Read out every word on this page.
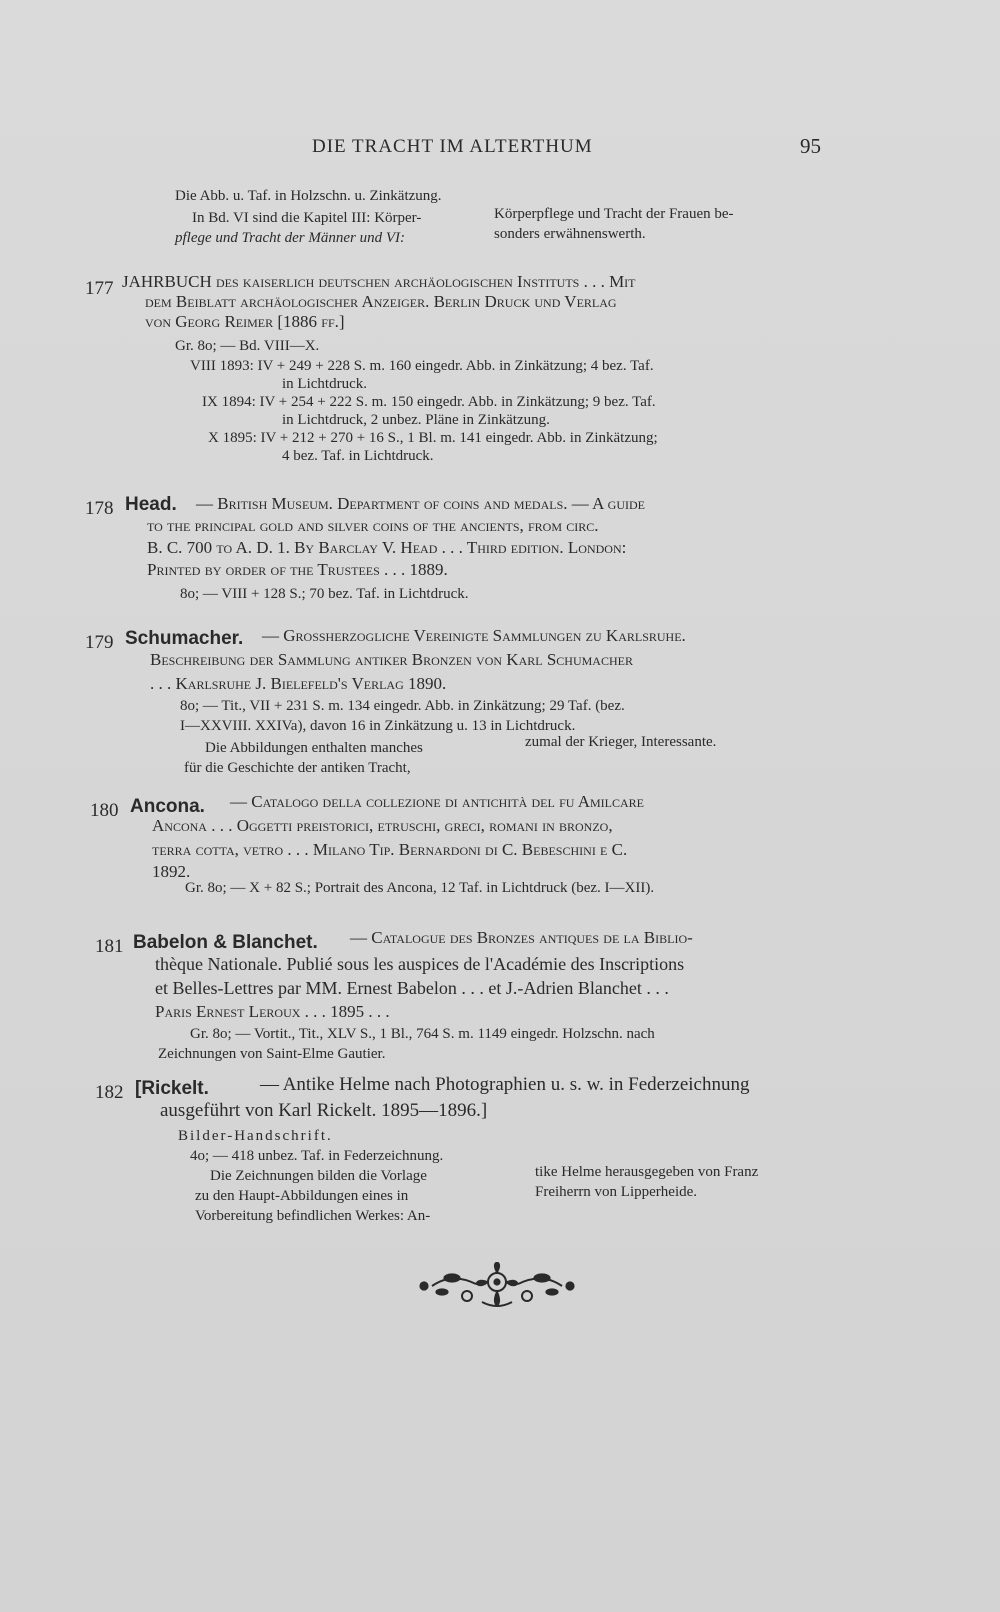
DIE TRACHT IM ALTERTHUM	95
Die Abb. u. Taf. in Holzschn. u. Zinkätzung.
In Bd. VI sind die Kapitel III: Körper-
pflege und Tracht der Männer und VI:
Körperpflege und Tracht der Frauen be-
sonders erwähnenswerth.
177 JAHRBUCH des kaiserlich deutschen archäologischen Instituts . . . Mit
dem Beiblatt archäologischer Anzeiger. Berlin Druck und Verlag
von Georg Reimer [1886 ff.]
Gr. 8o; — Bd. VIII—X.
VIII 1893: IV + 249 + 228 S. m. 160 eingedr. Abb. in Zinkätzung; 4 bez. Taf.
in Lichtdruck.
IX 1894: IV + 254 + 222 S. m. 150 eingedr. Abb. in Zinkätzung; 9 bez. Taf.
in Lichtdruck, 2 unbez. Pläne in Zinkätzung.
X 1895: IV + 212 + 270 + 16 S., 1 Bl. m. 141 eingedr. Abb. in Zinkätzung;
4 bez. Taf. in Lichtdruck.
178 Head. — British Museum. Department of coins and medals. — A guide
to the principal gold and silver coins of the ancients, from circ.
B. C. 700 to A. D. 1. By Barclay V. Head . . . Third edition. London:
Printed by order of the Trustees . . . 1889.
8o; — VIII + 128 S.; 70 bez. Taf. in Lichtdruck.
179 Schumacher. — Grossherzogliche Vereinigte Sammlungen zu Karlsruhe.
Beschreibung der Sammlung antiker Bronzen von Karl Schumacher
. . . Karlsruhe J. Bielefeld's Verlag 1890.
8o; — Tit., VII + 231 S. m. 134 eingedr. Abb. in Zinkätzung; 29 Taf. (bez.
I—XXVIII. XXIVa), davon 16 in Zinkätzung u. 13 in Lichtdruck.
Die Abbildungen enthalten manches
für die Geschichte der antiken Tracht,
zumal der Krieger, Interessante.
180 Ancona. — Catalogo della collezione di antichità del fu Amilcare
Ancona . . . Oggetti preistorici, etruschi, greci, romani in bronzo,
terra cotta, vetro . . . Milano Tip. Bernardoni di C. Bebeschini e C.
1892.
Gr. 8o; — X + 82 S.; Portrait des Ancona, 12 Taf. in Lichtdruck (bez. I—XII).
181 Babelon & Blanchet. — Catalogue des Bronzes antiques de la Biblio-
thèque Nationale. Publié sous les auspices de l'Académie des Inscriptions
et Belles-Lettres par MM. Ernest Babelon . . . et J.-Adrien Blanchet . . .
Paris Ernest Leroux . . . 1895 . . .
Gr. 8o; — Vortit., Tit., XLV S., 1 Bl., 764 S. m. 1149 eingedr. Holzschn. nach
Zeichnungen von Saint-Elme Gautier.
182 [Rickelt.	— Antike Helme nach Photographien u. s. w. in Federzeichnung
ausgeführt von Karl Rickelt. 1895—1896.]
Bilder-Handschrift.
4o; — 418 unbez. Taf. in Federzeichnung.
Die Zeichnungen bilden die Vorlage
zu den Haupt-Abbildungen eines in
Vorbereitung befindlichen Werkes: An-
tike Helme herausgegeben von Franz
Freiherrn von Lipperheide.
